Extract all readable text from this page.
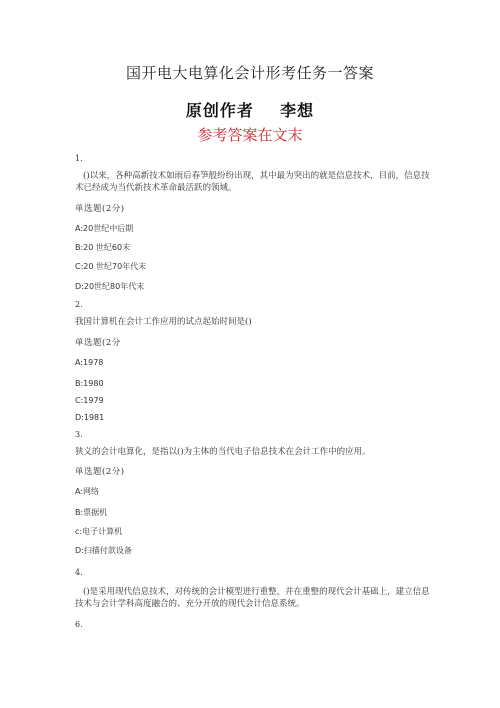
国开电大电算化会计形考任务一答案
原创作者    李想
参考答案在文末
1.
()以来，各种高新技术如雨后春笋般纷纷出现，其中最为突出的就是信息技术，目前，信息技术已经成为当代新技术革命最活跃的领域。
单选题(2分)
A:20世纪中后期
B:20 世纪60末
C:20 世纪70年代末
D:20世纪80年代末
2.
我国计算机在会计工作应用的试点起始时间是()
单选题(2分
A:1978
B:1980
C:1979
D:1981
3.
狭义的会计电算化，是指以()为主体的当代电子信息技术在会计工作中的应用。
单选题(2分)
A:网络
B:票据机
c:电子计算机
D:扫描付款设备
4.
()是采用现代信息技术，对传统的会计模型进行重整，并在重整的现代会计基础上，建立信息技术与会计学科高度融合的、充分开放的现代会计信息系统。
6.
